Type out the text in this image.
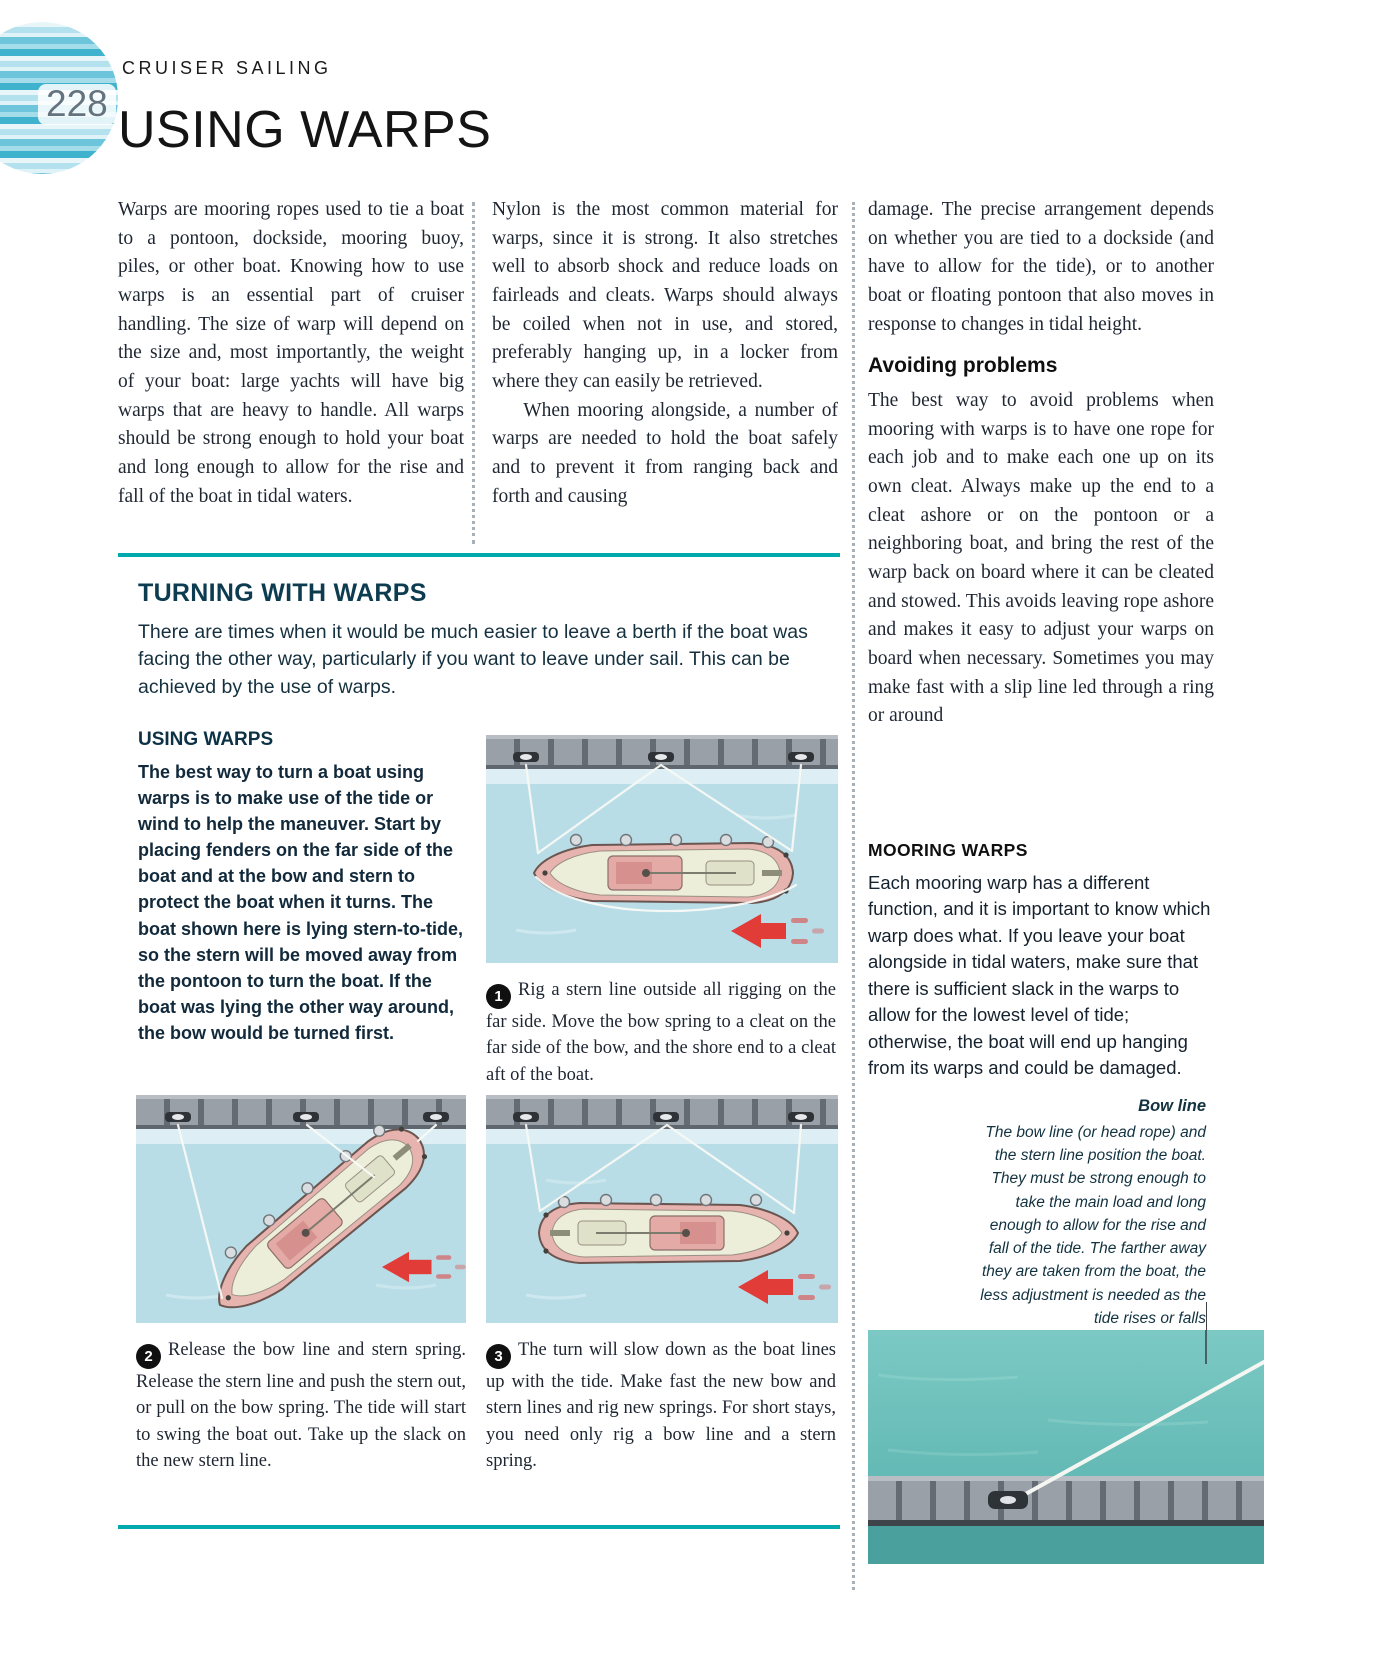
228
CRUISER SAILING
USING WARPS

Warps are mooring ropes used to tie a boat to a pontoon, dockside, mooring buoy, piles, or other boat. Knowing how to use warps is an essential part of cruiser handling. The size of warp will depend on the size and, most importantly, the weight of your boat: large yachts will have big warps that are heavy to handle. All warps should be strong enough to hold your boat and long enough to allow for the rise and fall of the boat in tidal waters.

Nylon is the most common material for warps, since it is strong. It also stretches well to absorb shock and reduce loads on fairleads and cleats. Warps should always be coiled when not in use, and stored, preferably hanging up, in a locker from where they can easily be retrieved.

When mooring alongside, a number of warps are needed to hold the boat safely and to prevent it from ranging back and forth and causing

damage. The precise arrangement depends on whether you are tied to a dockside (and have to allow for the tide), or to another boat or floating pontoon that also moves in response to changes in tidal height.

Avoiding problems

The best way to avoid problems when mooring with warps is to have one rope for each job and to make each one up on its own cleat. Always make up the end to a cleat ashore or on the pontoon or a neighboring boat, and bring the rest of the warp back on board where it can be cleated and stowed. This avoids leaving rope ashore and makes it easy to adjust your warps on board when necessary. Sometimes you may make fast with a slip line led through a ring or around

TURNING WITH WARPS
There are times when it would be much easier to leave a berth if the boat was facing the other way, particularly if you want to leave under sail. This can be achieved by the use of warps.
USING WARPS
The best way to turn a boat using warps is to make use of the tide or wind to help the maneuver. Start by placing fenders on the far side of the boat and at the bow and stern to protect the boat when it turns. The boat shown here is lying stern-to-tide, so the stern will be moved away from the pontoon to turn the boat. If the boat was lying the other way around, the bow would be turned first.
1 Rig a stern line outside all rigging on the far side. Move the bow spring to a cleat on the far side of the bow, and the shore end to a cleat aft of the boat.
2 Release the bow line and stern spring. Release the stern line and push the stern out, or pull on the bow spring. The tide will start to swing the boat out. Take up the slack on the new stern line.
3 The turn will slow down as the boat lines up with the tide. Make fast the new bow and stern lines and rig new springs. For short stays, you need only rig a bow line and a stern spring.
MOORING WARPS
Each mooring warp has a different function, and it is important to know which warp does what. If you leave your boat alongside in tidal waters, make sure that there is sufficient slack in the warps to allow for the lowest level of tide; otherwise, the boat will end up hanging from its warps and could be damaged.
Bow line
The bow line (or head rope) and the stern line position the boat. They must be strong enough to take the main load and long enough to allow for the rise and fall of the tide. The farther away they are taken from the boat, the less adjustment is needed as the tide rises or falls
